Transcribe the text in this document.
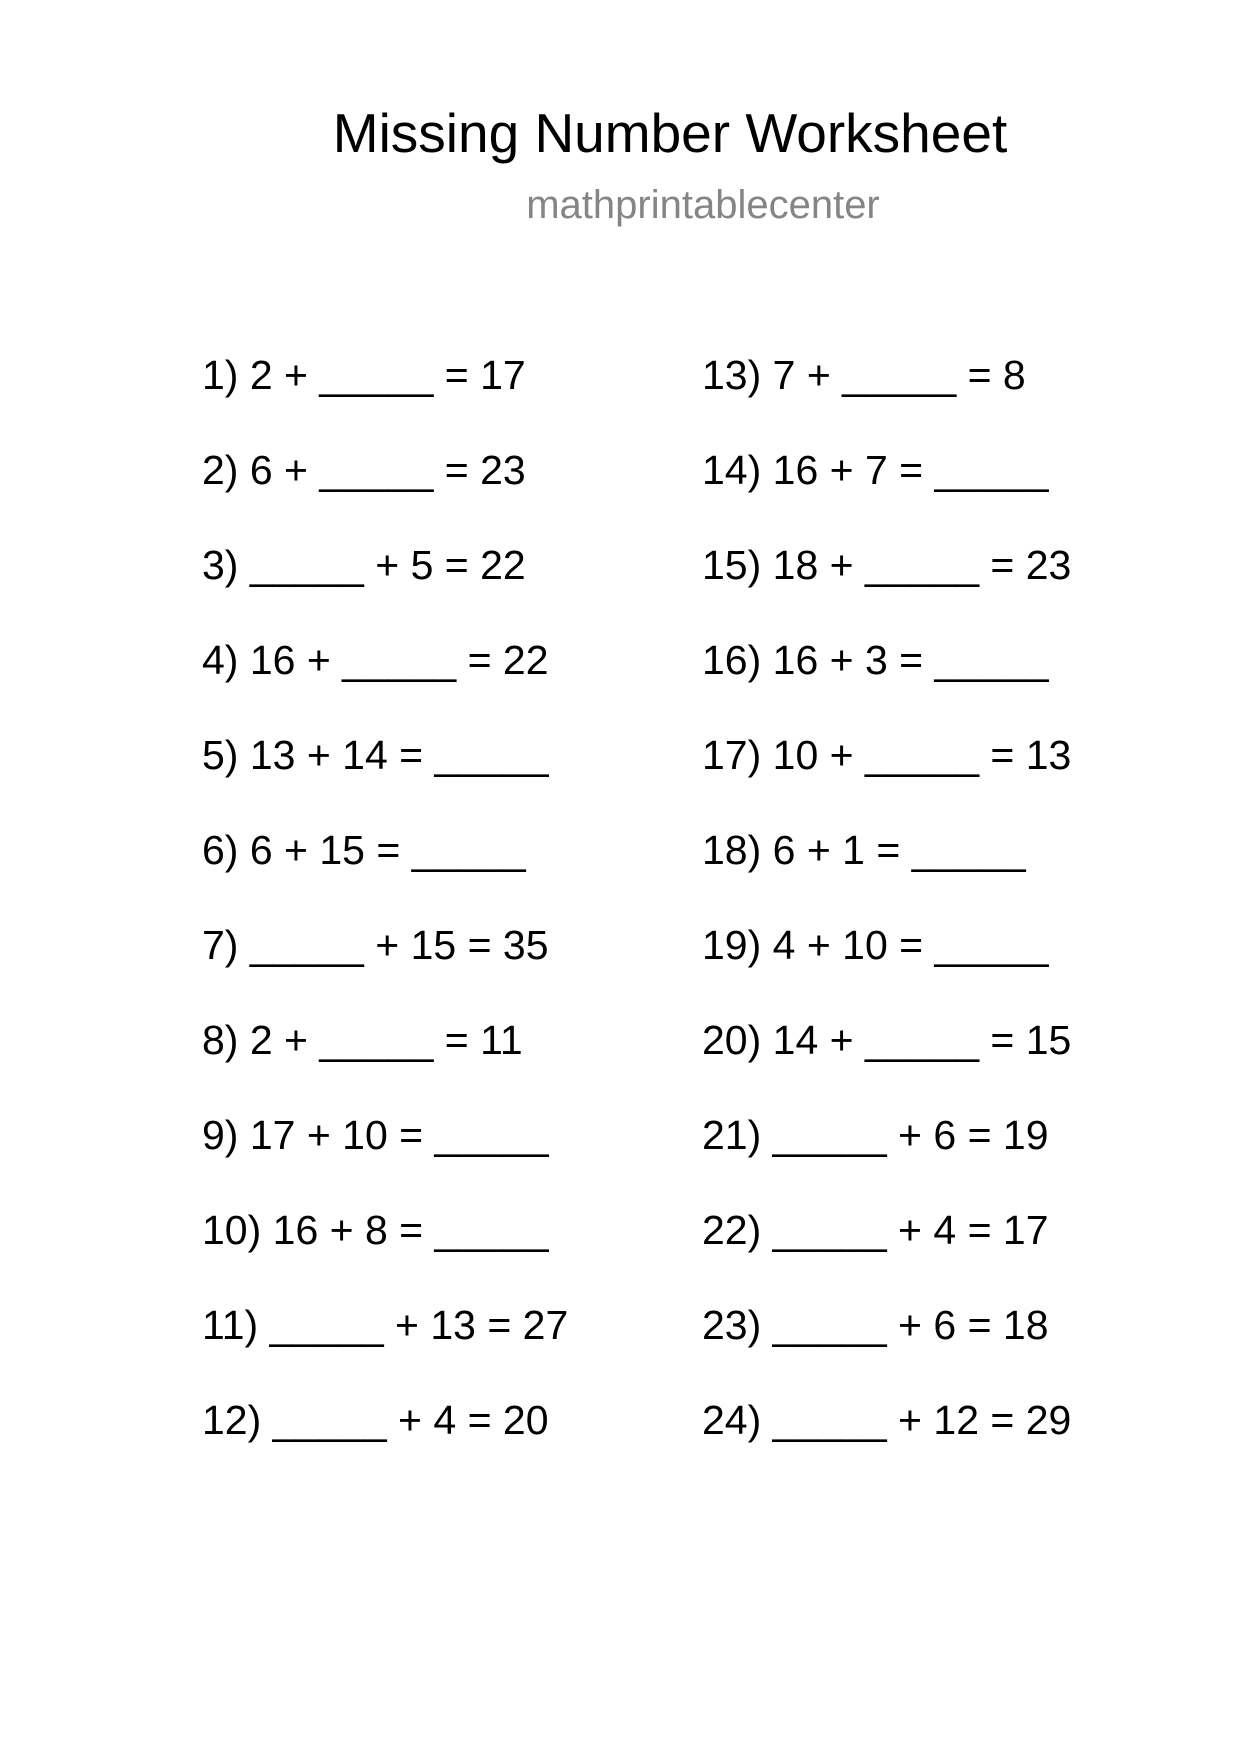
Missing Number Worksheet
mathprintablecenter
1) 2 + _____ = 17
2) 6 + _____ = 23
3) _____ + 5 = 22
4) 16 + _____ = 22
5) 13 + 14 = _____
6) 6 + 15 = _____
7) _____ + 15 = 35
8) 2 + _____ = 11
9) 17 + 10 = _____
10) 16 + 8 = _____
11) _____ + 13 = 27
12) _____ + 4 = 20
13) 7 + _____ = 8
14) 16 + 7 = _____
15) 18 + _____ = 23
16) 16 + 3 = _____
17) 10 + _____ = 13
18) 6 + 1 = _____
19) 4 + 10 = _____
20) 14 + _____ = 15
21) _____ + 6 = 19
22) _____ + 4 = 17
23) _____ + 6 = 18
24) _____ + 12 = 29
